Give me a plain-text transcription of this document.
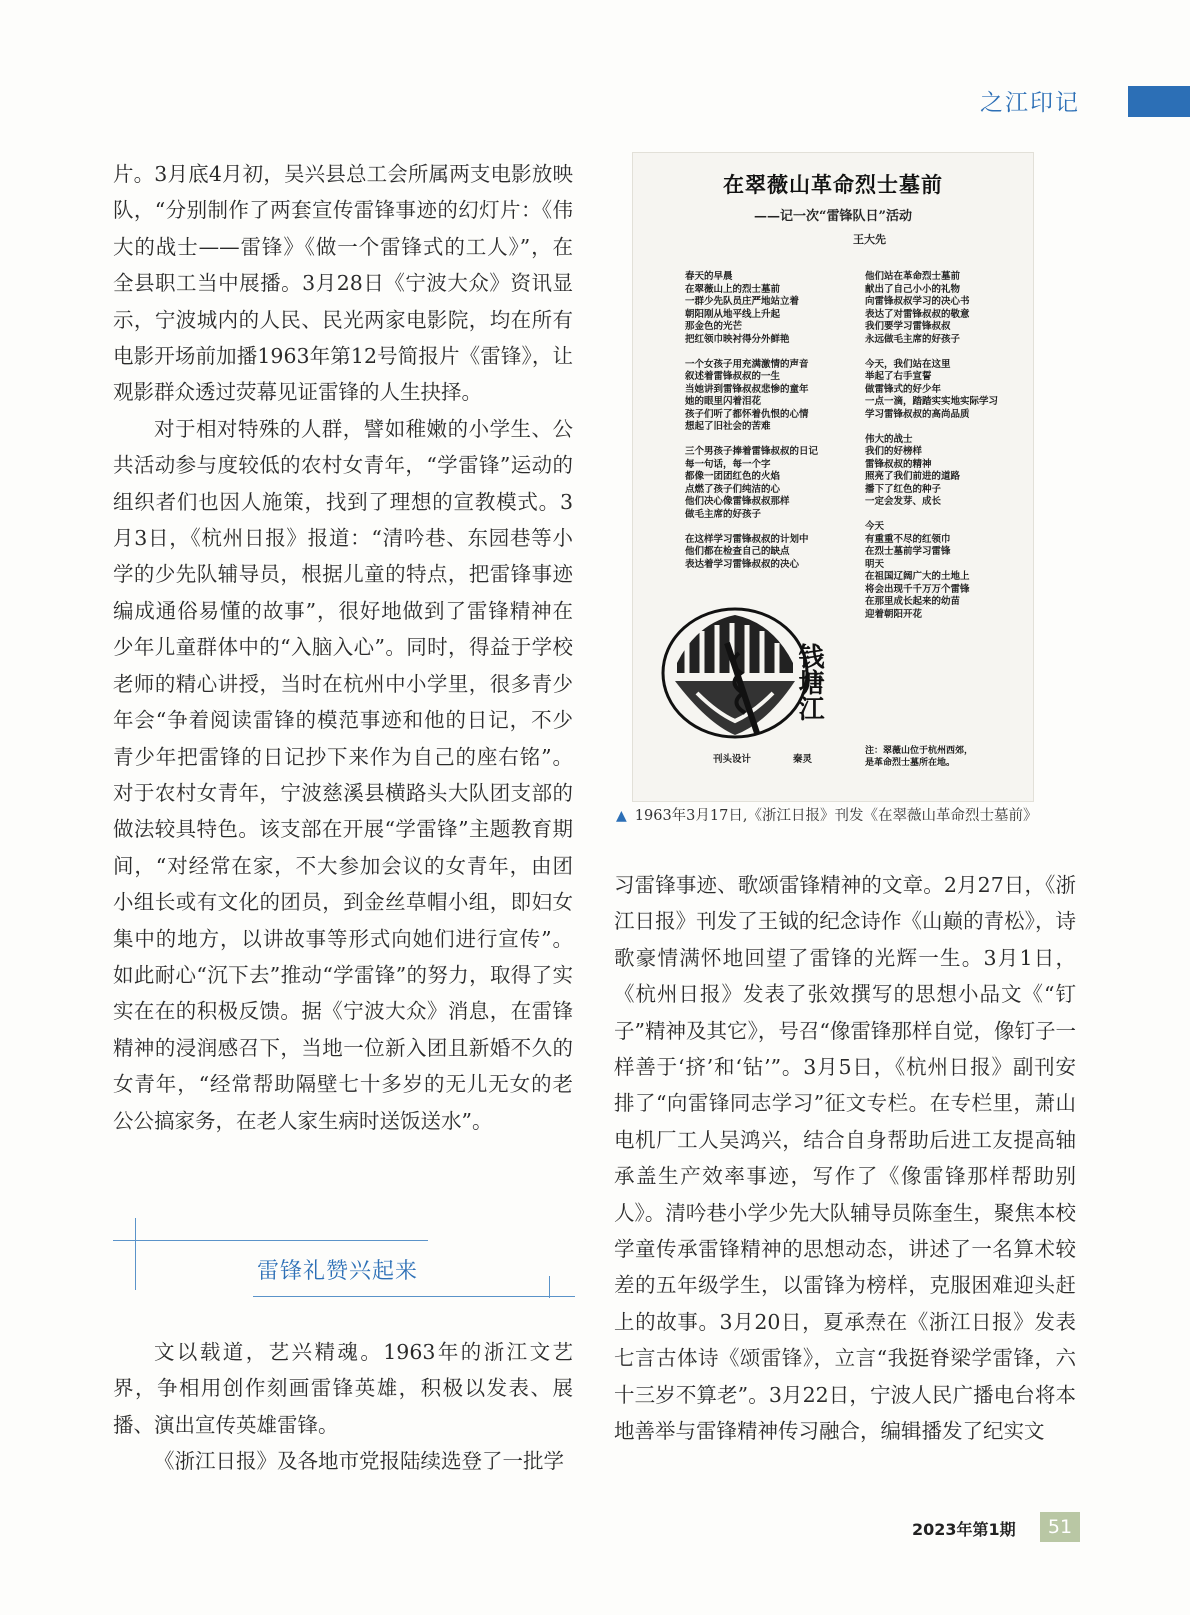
之江印记

片。3月底4月初，吴兴县总工会所属两支电影放映队，“分别制作了两套宣传雷锋事迹的幻灯片：《伟大的战士——雷锋》《做一个雷锋式的工人》”，在全县职工当中展播。3月28日《宁波大众》资讯显示，宁波城内的人民、民光两家电影院，均在所有电影开场前加播1963年第12号简报片《雷锋》，让观影群众透过荧幕见证雷锋的人生抉择。

对于相对特殊的人群，譬如稚嫩的小学生、公共活动参与度较低的农村女青年，“学雷锋”运动的组织者们也因人施策，找到了理想的宣教模式。3月3日，《杭州日报》报道：“清吟巷、东园巷等小学的少先队辅导员，根据儿童的特点，把雷锋事迹编成通俗易懂的故事”，很好地做到了雷锋精神在少年儿童群体中的“入脑入心”。同时，得益于学校老师的精心讲授，当时在杭州中小学里，很多青少年会“争着阅读雷锋的模范事迹和他的日记，不少青少年把雷锋的日记抄下来作为自己的座右铭”。对于农村女青年，宁波慈溪县横路头大队团支部的做法较具特色。该支部在开展“学雷锋”主题教育期间，“对经常在家，不大参加会议的女青年，由团小组长或有文化的团员，到金丝草帽小组，即妇女集中的地方，以讲故事等形式向她们进行宣传”。如此耐心“沉下去”推动“学雷锋”的努力，取得了实实在在的积极反馈。据《宁波大众》消息，在雷锋精神的浸润感召下，当地一位新入团且新婚不久的女青年，“经常帮助隔壁七十多岁的无儿无女的老公公搞家务，在老人家生病时送饭送水”。

雷锋礼赞兴起来

文以载道，艺兴精魂。1963年的浙江文艺界，争相用创作刻画雷锋英雄，积极以发表、展播、演出宣传英雄雷锋。

《浙江日报》及各地市党报陆续选登了一批学

在翠薇山革命烈士墓前
——记一次“雷锋队日”活动
王大先
春天的早晨
在翠薇山上的烈士墓前
一群少先队员庄严地站立着
朝阳刚从地平线上升起
那金色的光芒
把红领巾映衬得分外鲜艳

一个女孩子用充满激情的声音
叙述着雷锋叔叔的一生
当她讲到雷锋叔叔悲惨的童年
她的眼里闪着泪花
孩子们听了都怀着仇恨的心情
想起了旧社会的苦难

三个男孩子捧着雷锋叔叔的日记
每一句话，每一个字
都像一团团红色的火焰
点燃了孩子们纯洁的心
他们决心像雷锋叔叔那样
做毛主席的好孩子

在这样学习雷锋叔叔的计划中
他们都在检查自己的缺点
表达着学习雷锋叔叔的决心
他们站在革命烈士墓前
献出了自己小小的礼物
向雷锋叔叔学习的决心书
表达了对雷锋叔叔的敬意
我们要学习雷锋叔叔
永远做毛主席的好孩子

今天，我们站在这里
举起了右手宣誓
做雷锋式的好少年
一点一滴，踏踏实实地实际学习
学习雷锋叔叔的高尚品质

伟大的战士
我们的好榜样
雷锋叔叔的精神
照亮了我们前进的道路
播下了红色的种子
一定会发芽、成长

今天
有重重不尽的红领巾
在烈士墓前学习雷锋
明天
在祖国辽阔广大的土地上
将会出现千千万万个雷锋
在那里成长起来的幼苗
迎着朝阳开花
钱塘江
刊头设计	秦灵
注：翠薇山位于杭州西郊，
是革命烈士墓所在地。
▲ 1963年3月17日,《浙江日报》刊发《在翠薇山革命烈士墓前》

习雷锋事迹、歌颂雷锋精神的文章。2月27日，《浙江日报》刊发了王钺的纪念诗作《山巅的青松》，诗歌豪情满怀地回望了雷锋的光辉一生。3月1日，《杭州日报》发表了张效撰写的思想小品文《“钉子”精神及其它》，号召“像雷锋那样自觉，像钉子一样善于‘挤’和‘钻’”。3月5日，《杭州日报》副刊安排了“向雷锋同志学习”征文专栏。在专栏里，萧山电机厂工人吴鸿兴，结合自身帮助后进工友提高轴承盖生产效率事迹，写作了《像雷锋那样帮助别人》。清吟巷小学少先大队辅导员陈奎生，聚焦本校学童传承雷锋精神的思想动态，讲述了一名算术较差的五年级学生，以雷锋为榜样，克服困难迎头赶上的故事。3月20日，夏承焘在《浙江日报》发表七言古体诗《颂雷锋》，立言“我挺脊梁学雷锋，六十三岁不算老”。3月22日，宁波人民广播电台将本地善举与雷锋精神传习融合，编辑播发了纪实文

2023年第1期	51
